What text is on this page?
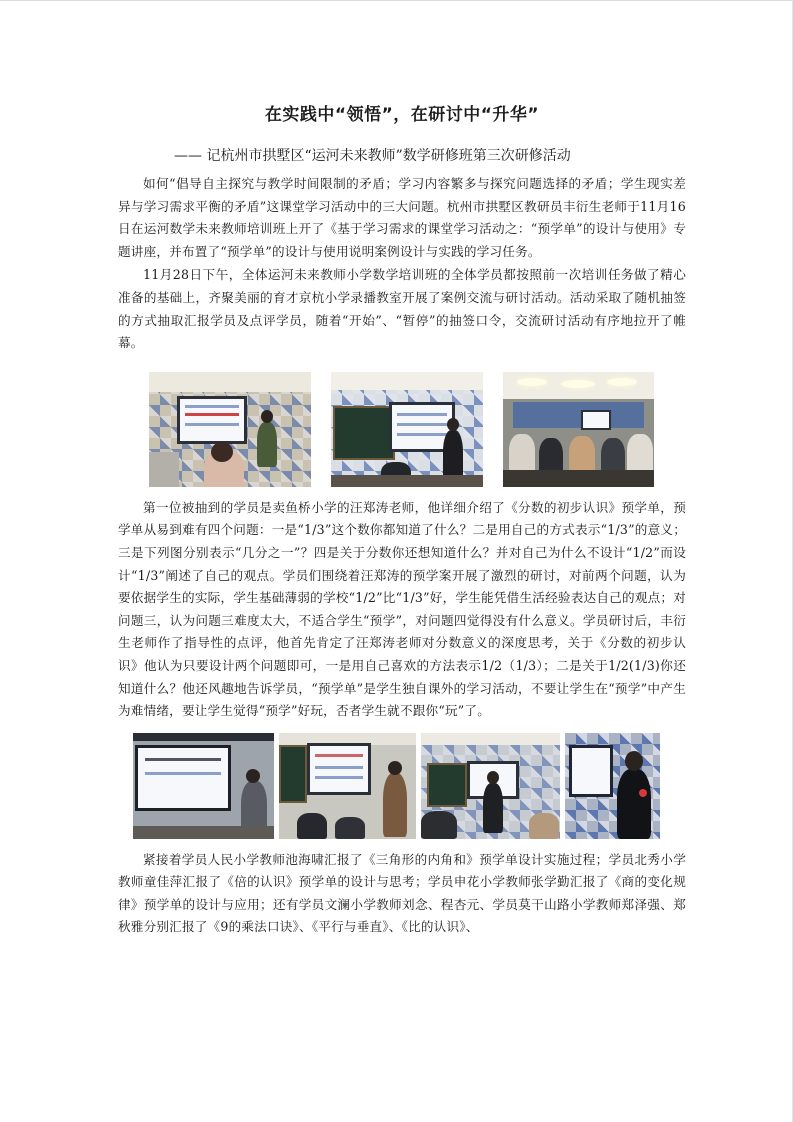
在实践中“领悟”，在研讨中“升华”
—— 记杭州市拱墅区“运河未来教师”数学研修班第三次研修活动

如何“倡导自主探究与教学时间限制的矛盾；学习内容繁多与探究问题选择的矛盾；学生现实差异与学习需求平衡的矛盾”这课堂学习活动中的三大问题。杭州市拱墅区教研员丰衍生老师于11月16日在运河数学未来教师培训班上开了《基于学习需求的课堂学习活动之：“预学单”的设计与使用》专题讲座，并布置了“预学单”的设计与使用说明案例设计与实践的学习任务。

11月28日下午，全体运河未来教师小学数学培训班的全体学员都按照前一次培训任务做了精心准备的基础上，齐聚美丽的育才京杭小学录播教室开展了案例交流与研讨活动。活动采取了随机抽签的方式抽取汇报学员及点评学员，随着“开始”、“暂停”的抽签口令，交流研讨活动有序地拉开了帷幕。

第一位被抽到的学员是卖鱼桥小学的汪郑涛老师，他详细介绍了《分数的初步认识》预学单，预学单从易到难有四个问题：一是“1/3”这个数你都知道了什么？二是用自己的方式表示“1/3”的意义；三是下列图分别表示“几分之一”？四是关于分数你还想知道什么？并对自己为什么不设计“1/2”而设计“1/3”阐述了自己的观点。学员们围绕着汪郑涛的预学案开展了激烈的研讨，对前两个问题，认为要依据学生的实际，学生基础薄弱的学校“1/2”比“1/3”好，学生能凭借生活经验表达自己的观点；对问题三，认为问题三难度太大，不适合学生“预学”，对问题四觉得没有什么意义。学员研讨后，丰衍生老师作了指导性的点评，他首先肯定了汪郑涛老师对分数意义的深度思考，关于《分数的初步认识》他认为只要设计两个问题即可，一是用自己喜欢的方法表示1/2（1/3）；二是关于1/2(1/3)你还知道什么？他还风趣地告诉学员，“预学单”是学生独自课外的学习活动，不要让学生在“预学”中产生为难情绪，要让学生觉得“预学”好玩，否者学生就不跟你“玩”了。

紧接着学员人民小学教师池海啸汇报了《三角形的内角和》预学单设计实施过程；学员北秀小学教师童佳萍汇报了《倍的认识》预学单的设计与思考；学员申花小学教师张学勤汇报了《商的变化规律》预学单的设计与应用；还有学员文澜小学教师刘念、程杏元、学员莫干山路小学教师郑泽强、郑秋雅分别汇报了《9的乘法口诀》、《平行与垂直》、《比的认识》、
